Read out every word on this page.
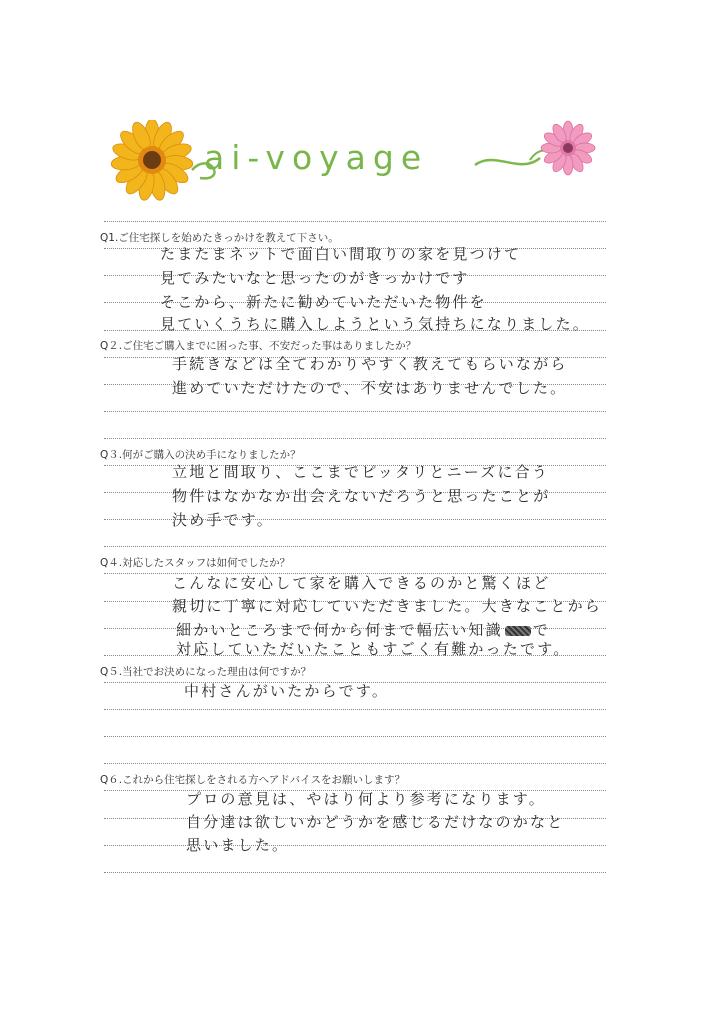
ai-voyage
Q1.ご住宅探しを始めたきっかけを教えて下さい。
たまたまネットで面白い間取りの家を見つけて
見てみたいなと思ったのがきっかけです
そこから、新たに勧めていただいた物件を
見ていくうちに購入しようという気持ちになりました。
Q２.ご住宅ご購入までに困った事、不安だった事はありましたか？
手続きなどは全てわかりやすく教えてもらいながら
進めていただけたので、不安はありませんでした。
Q３.何がご購入の決め手になりましたか？
立地と間取り、ここまでピッタリとニーズに合う
物件はなかなか出会えないだろうと思ったことが
決め手です。
Q４.対応したスタッフは如何でしたか？
こんなに安心して家を購入できるのかと驚くほど
親切に丁寧に対応していただきました。大きなことから
細かいところまで何から何まで幅広い知識 で
対応していただいたこともすごく有難かったです。
Q５.当社でお決めになった理由は何ですか？
中村さんがいたからです。
Q６.これから住宅探しをされる方へアドバイスをお願いします？
プロの意見は、やはり何より参考になります。
自分達は欲しいかどうかを感じるだけなのかなと
思いました。
